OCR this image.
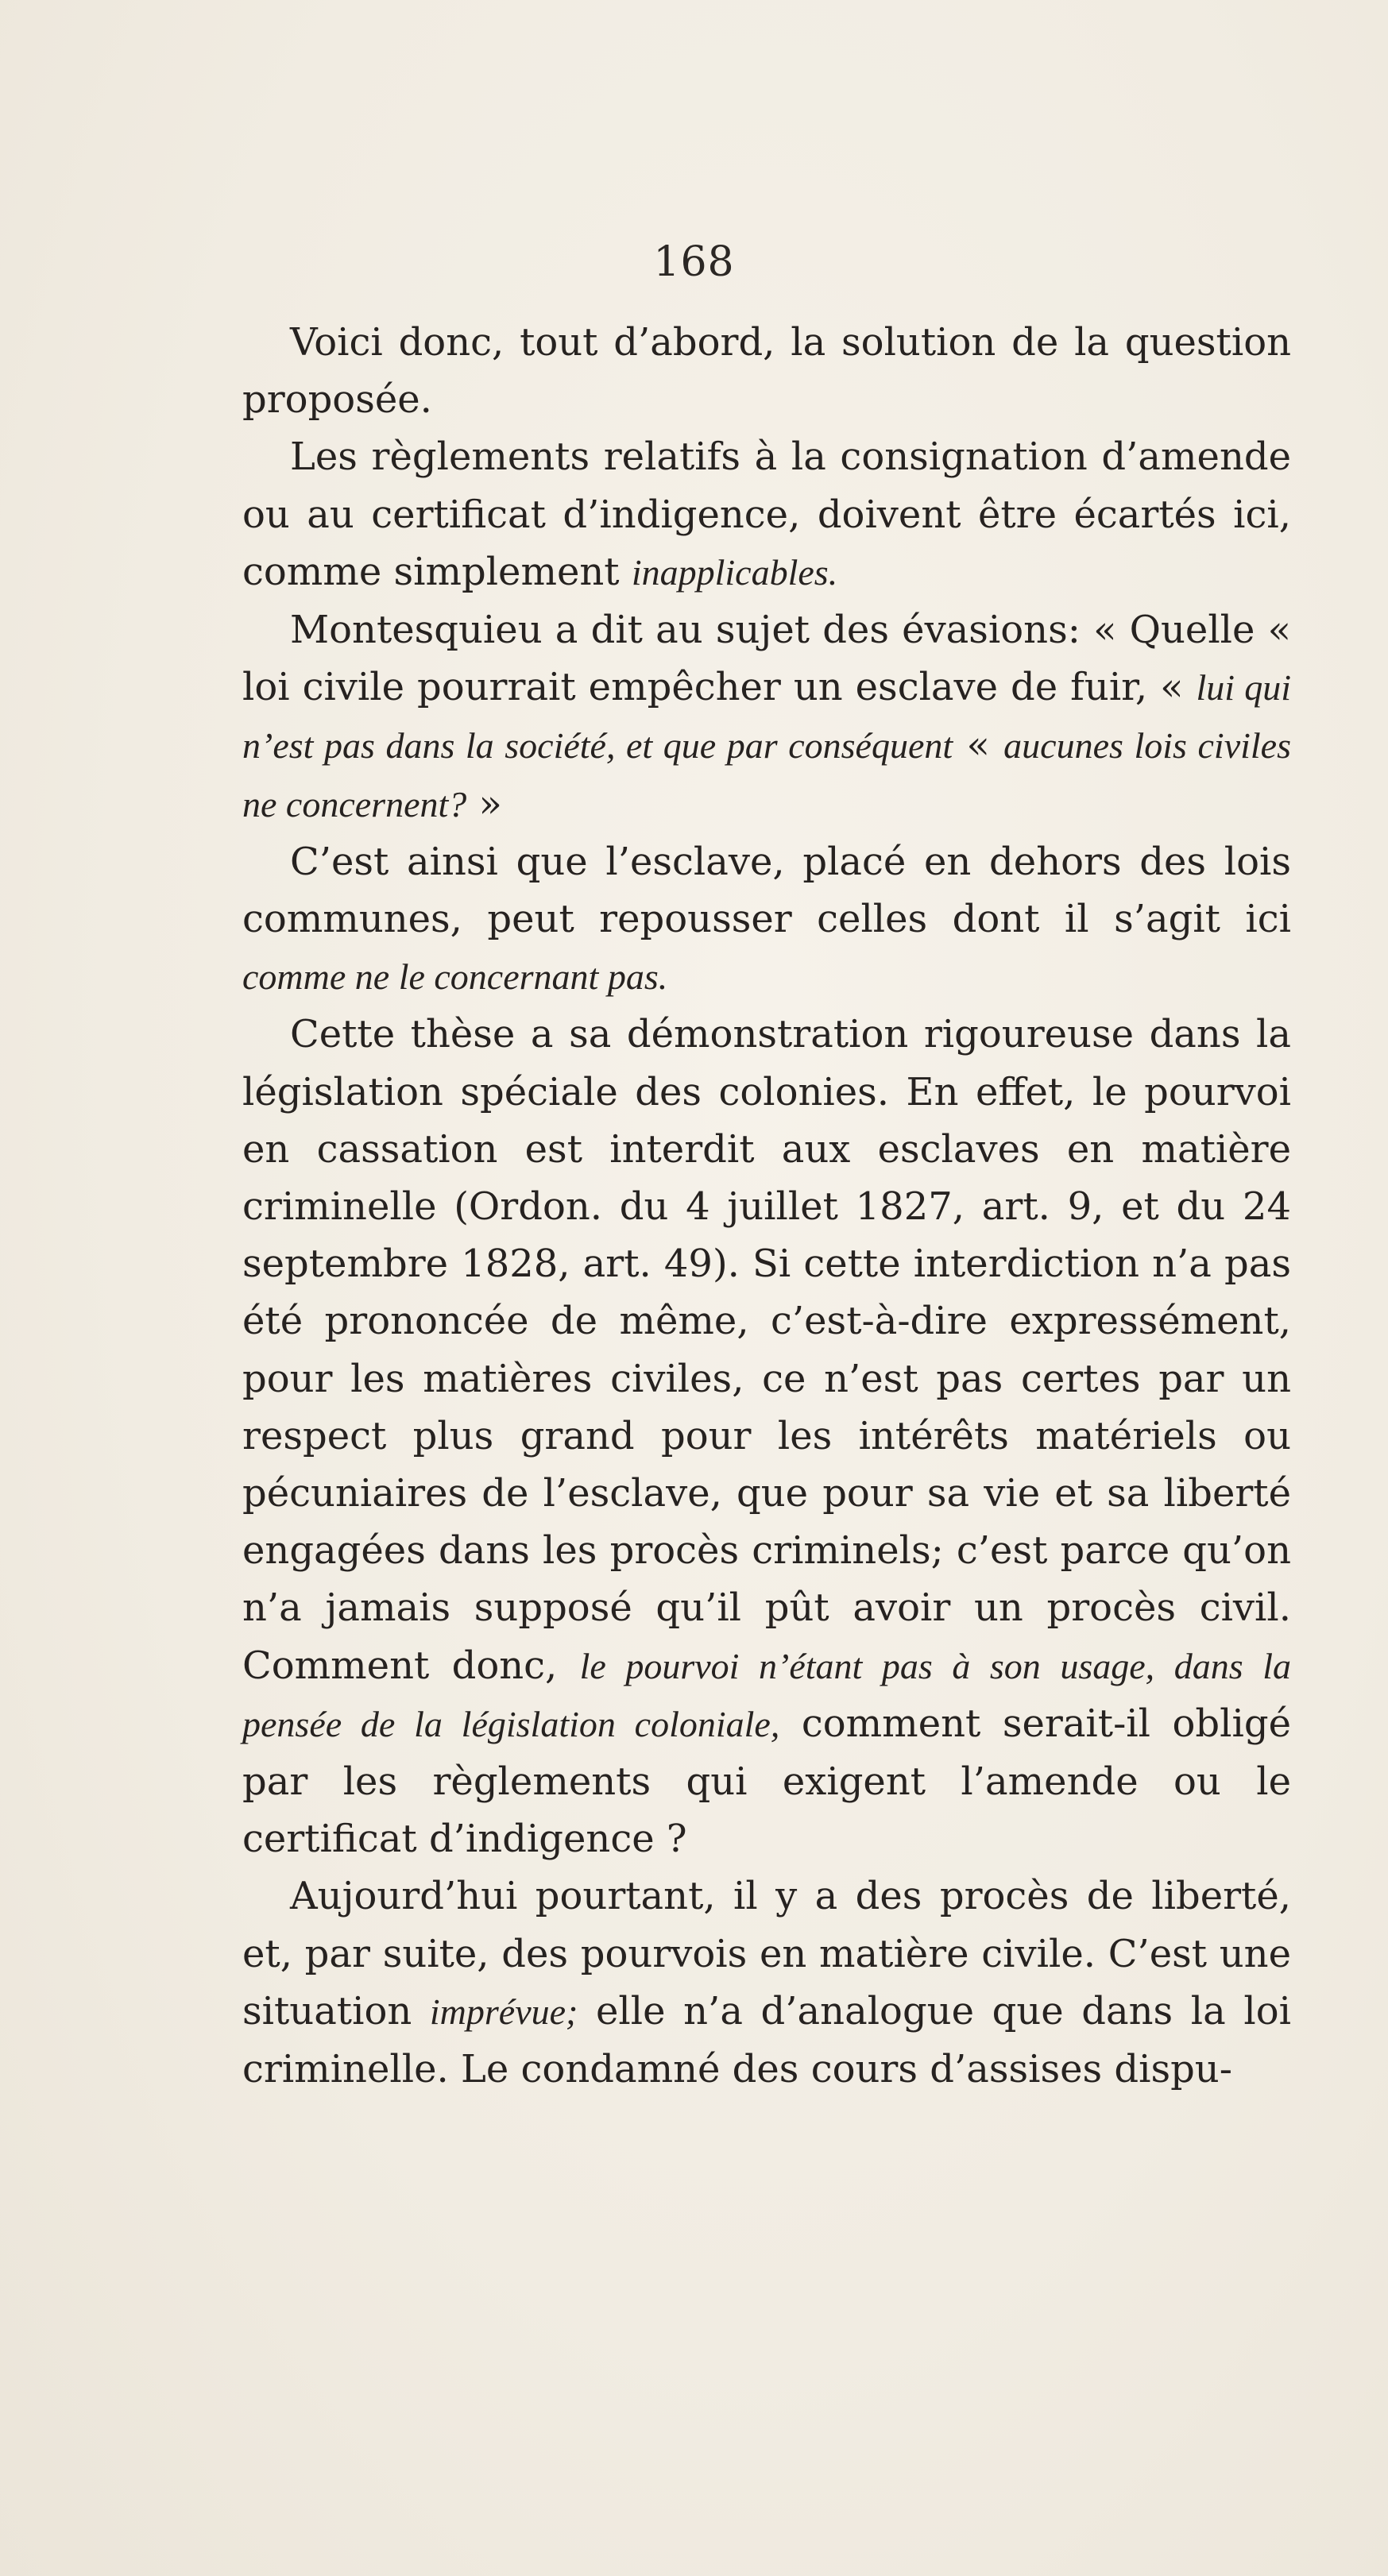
168

Voici donc, tout d’abord, la solution de la question proposée.

Les règlements relatifs à la consignation d’amende ou au certificat d’indigence, doivent être écartés ici, comme simplement inapplicables.

Montesquieu a dit au sujet des évasions: « Quelle « loi civile pourrait empêcher un esclave de fuir, « lui qui n’est pas dans la société, et que par conséquent « aucunes lois civiles ne concernent? »

C’est ainsi que l’esclave, placé en dehors des lois communes, peut repousser celles dont il s’agit ici comme ne le concernant pas.

Cette thèse a sa démonstration rigoureuse dans la législation spéciale des colonies. En effet, le pourvoi en cassation est interdit aux esclaves en matière criminelle (Ordon. du 4 juillet 1827, art. 9, et du 24 septembre 1828, art. 49). Si cette interdiction n’a pas été prononcée de même, c’est-à-dire expressément, pour les matières civiles, ce n’est pas certes par un respect plus grand pour les intérêts matériels ou pécuniaires de l’esclave, que pour sa vie et sa liberté engagées dans les procès criminels; c’est parce qu’on n’a jamais supposé qu’il pût avoir un procès civil. Comment donc, le pourvoi n’étant pas à son usage, dans la pensée de la législation coloniale, comment serait-il obligé par les règlements qui exigent l’amende ou le certificat d’indigence ?

Aujourd’hui pourtant, il y a des procès de liberté, et, par suite, des pourvois en matière civile. C’est une situation imprévue; elle n’a d’analogue que dans la loi criminelle. Le condamné des cours d’assises dispu-
